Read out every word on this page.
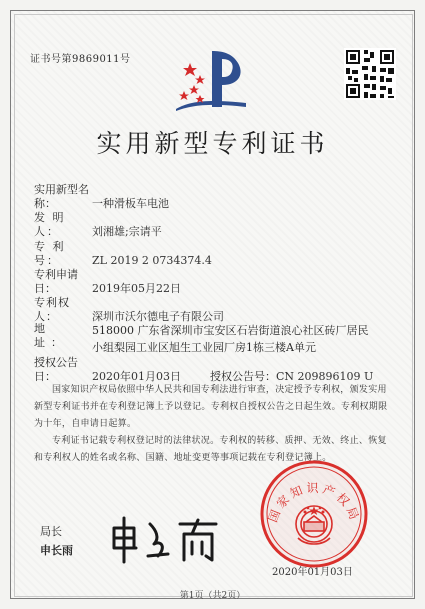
证书号第9869011号
实用新型专利证书
实用新型名称：	一种滑板车电池
发 明 人：	刘湘雄;宗请平
专 利 号：	ZL 2019 2 0734374.4
专利申请日：	2019年05月22日
专利权人：	深圳市沃尔德电子有限公司
地 址：
518000 广东省深圳市宝安区石岩街道浪心社区砖厂居民
小组梨园工业区旭生工业园厂房1栋三楼A单元
授权公告日：	2020年01月03日	授权公告号：CN 209896109 U

国家知识产权局依照中华人民共和国专利法进行审查，决定授予专利权，颁发实用新型专利证书并在专利登记簿上予以登记。专利权自授权公告之日起生效。专利权期限为十年，自申请日起算。

专利证书记载专利权登记时的法律状况。专利权的转移、质押、无效、终止、恢复和专利权人的姓名或名称、国籍、地址变更等事项记载在专利登记簿上。

局长
申长雨
国家知识产权局
2020年01月03日
第1页（共2页）
